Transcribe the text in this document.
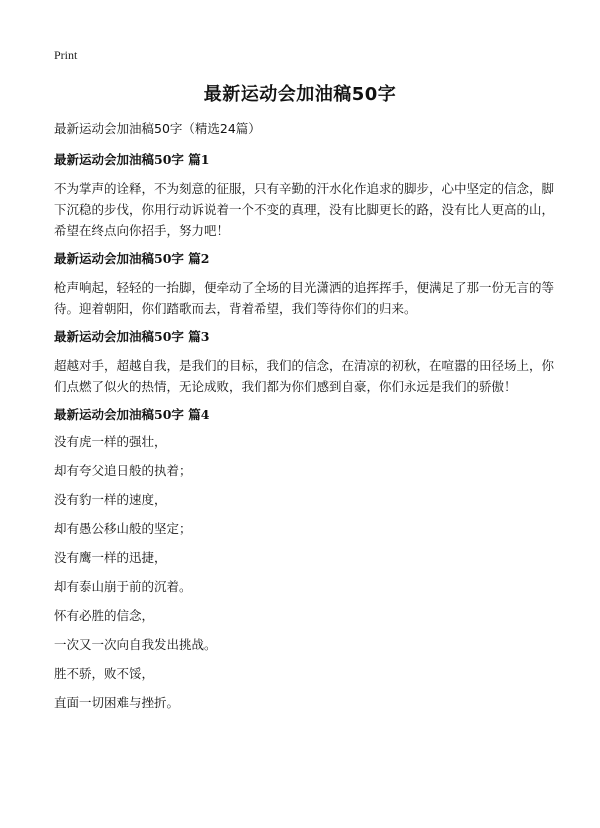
Print
最新运动会加油稿50字

最新运动会加油稿50字（精选24篇）

最新运动会加油稿50字 篇1

不为掌声的诠释，不为刻意的征服，只有辛勤的汗水化作追求的脚步，心中坚定的信念，脚下沉稳的步伐，你用行动诉说着一个不变的真理，没有比脚更长的路，没有比人更高的山，希望在终点向你招手，努力吧！

最新运动会加油稿50字 篇2

枪声响起，轻轻的一抬脚，便牵动了全场的目光潇洒的追挥挥手，便满足了那一份无言的等待。迎着朝阳，你们踏歌而去，背着希望，我们等待你们的归来。

最新运动会加油稿50字 篇3

超越对手，超越自我，是我们的目标，我们的信念，在清凉的初秋，在喧嚣的田径场上，你们点燃了似火的热情，无论成败，我们都为你们感到自豪，你们永远是我们的骄傲！

最新运动会加油稿50字 篇4

没有虎一样的强壮，

却有夸父追日般的执着；

没有豹一样的速度，

却有愚公移山般的坚定；

没有鹰一样的迅捷，

却有泰山崩于前的沉着。

怀有必胜的信念，

一次又一次向自我发出挑战。

胜不骄，败不馁，

直面一切困难与挫折。
